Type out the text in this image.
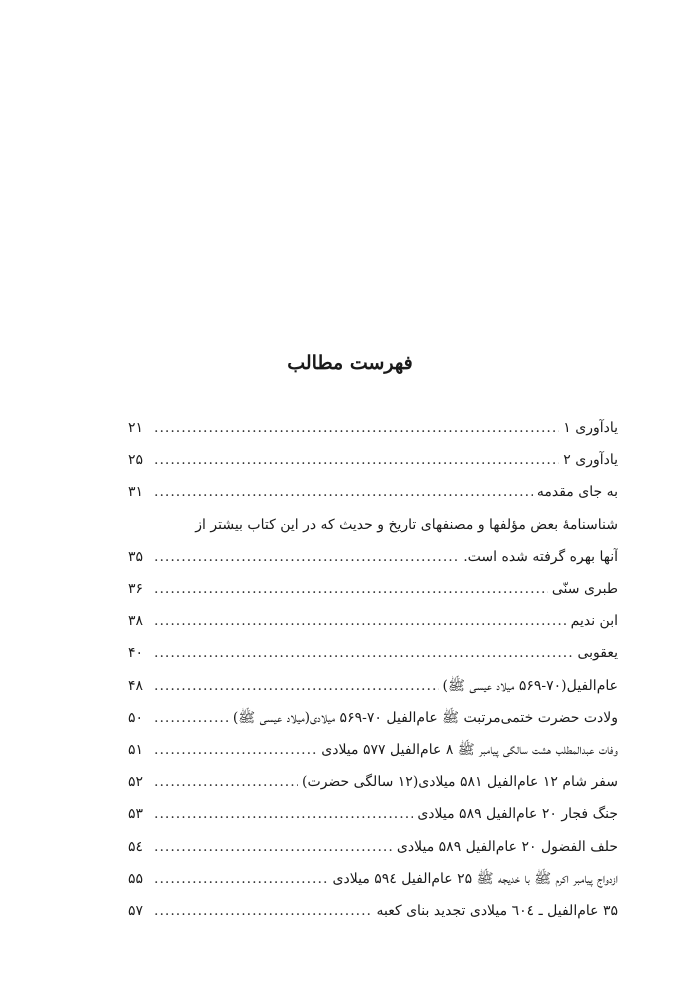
فهرست مطالب
یادآوری ۱
.....
۲۱
یادآوری ۲
.....
۲۵
به جای مقدمه
.....
۳۱
شناسنامهٔ بعض مؤلفها و مصنفهای تاریخ و حدیث که در این کتاب بیشتر از
آنها بهره گرفته شده است.
.....
۳۵
طبری سنّی
.....
۳۶
ابن ندیم
.....
۳۸
یعقوبی
.....
۴۰
عام‌الفیل(۷۰-۵۶۹ میلاد عیسی ﷺ)
.....
۴۸
ولادت حضرت ختمی‌مرتبت ﷺ عام‌الفیل ۷۰-۵۶۹ میلادی(میلاد عیسی ﷺ)
.....
۵۰
وفات عبدالمطلب هشت سالگی پیامبر ﷺ ۸ عام‌الفیل ۵۷۷ میلادی
.....
۵۱
سفر شام ۱۲ عام‌الفیل ۵۸۱ میلادی(۱۲ سالگی حضرت)
.....
۵۲
جنگ فجار ۲۰ عام‌الفیل ۵۸۹ میلادی
.....
۵۳
حلف الفضول ۲۰ عام‌الفیل ۵۸۹ میلادی
.....
۵٤
ازدواج پیامبر اکرم ﷺ با خدیجه ﷺ ۲۵ عام‌الفیل ۵۹٤ میلادی
.....
۵۵
۳۵ عام‌الفیل ـ ٦۰٤ میلادی تجدید بنای کعبه
.....
۵۷
